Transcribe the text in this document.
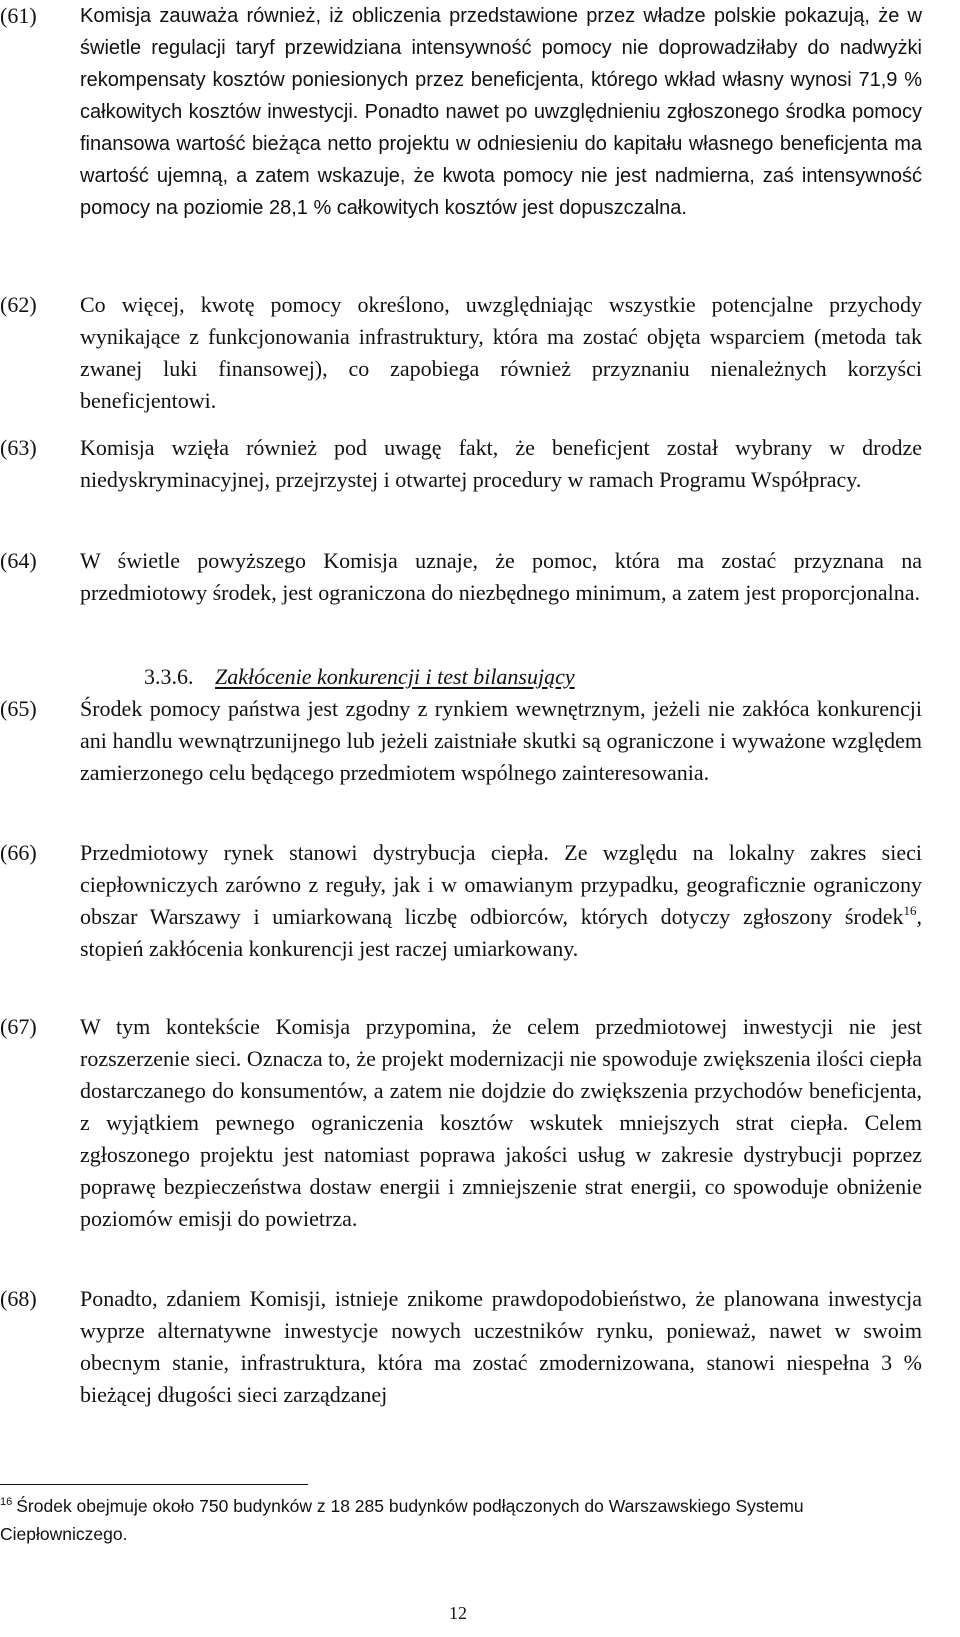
(61)	Komisja zauważa również, iż obliczenia przedstawione przez władze polskie pokazują, że w świetle regulacji taryf przewidziana intensywność pomocy nie doprowadziłaby do nadwyżki rekompensaty kosztów poniesionych przez beneficjenta, którego wkład własny wynosi 71,9 % całkowitych kosztów inwestycji. Ponadto nawet po uwzględnieniu zgłoszonego środka pomocy finansowa wartość bieżąca netto projektu w odniesieniu do kapitału własnego beneficjenta ma wartość ujemną, a zatem wskazuje, że kwota pomocy nie jest nadmierna, zaś intensywność pomocy na poziomie 28,1 % całkowitych kosztów jest dopuszczalna.
(62)	Co więcej, kwotę pomocy określono, uwzględniając wszystkie potencjalne przychody wynikające z funkcjonowania infrastruktury, która ma zostać objęta wsparciem (metoda tak zwanej luki finansowej), co zapobiega również przyznaniu nienależnych korzyści beneficjentowi.
(63)	Komisja wzięła również pod uwagę fakt, że beneficjent został wybrany w drodze niedyskryminacyjnej, przejrzystej i otwartej procedury w ramach Programu Współpracy.
(64)	W świetle powyższego Komisja uznaje, że pomoc, która ma zostać przyznana na przedmiotowy środek, jest ograniczona do niezbędnego minimum, a zatem jest proporcjonalna.
3.3.6. Zakłócenie konkurencji i test bilansujący
(65)	Środek pomocy państwa jest zgodny z rynkiem wewnętrznym, jeżeli nie zakłóca konkurencji ani handlu wewnątrzunijnego lub jeżeli zaistniałe skutki są ograniczone i wyważone względem zamierzonego celu będącego przedmiotem wspólnego zainteresowania.
(66)	Przedmiotowy rynek stanowi dystrybucja ciepła. Ze względu na lokalny zakres sieci ciepłowniczych zarówno z reguły, jak i w omawianym przypadku, geograficznie ograniczony obszar Warszawy i umiarkowaną liczbę odbiorców, których dotyczy zgłoszony środek$^{16}$, stopień zakłócenia konkurencji jest raczej umiarkowany.
(67)	W tym kontekście Komisja przypomina, że celem przedmiotowej inwestycji nie jest rozszerzenie sieci. Oznacza to, że projekt modernizacji nie spowoduje zwiększenia ilości ciepła dostarczanego do konsumentów, a zatem nie dojdzie do zwiększenia przychodów beneficjenta, z wyjątkiem pewnego ograniczenia kosztów wskutek mniejszych strat ciepła. Celem zgłoszonego projektu jest natomiast poprawa jakości usług w zakresie dystrybucji poprzez poprawę bezpieczeństwa dostaw energii i zmniejszenie strat energii, co spowoduje obniżenie poziomów emisji do powietrza.
(68)	Ponadto, zdaniem Komisji, istnieje znikome prawdopodobieństwo, że planowana inwestycja wyprze alternatywne inwestycje nowych uczestników rynku, ponieważ, nawet w swoim obecnym stanie, infrastruktura, która ma zostać zmodernizowana, stanowi niespełna 3 % bieżącej długości sieci zarządzanej
$^{16}$ Środek obejmuje około 750 budynków z 18 285 budynków podłączonych do Warszawskiego Systemu Ciepłowniczego.
12
